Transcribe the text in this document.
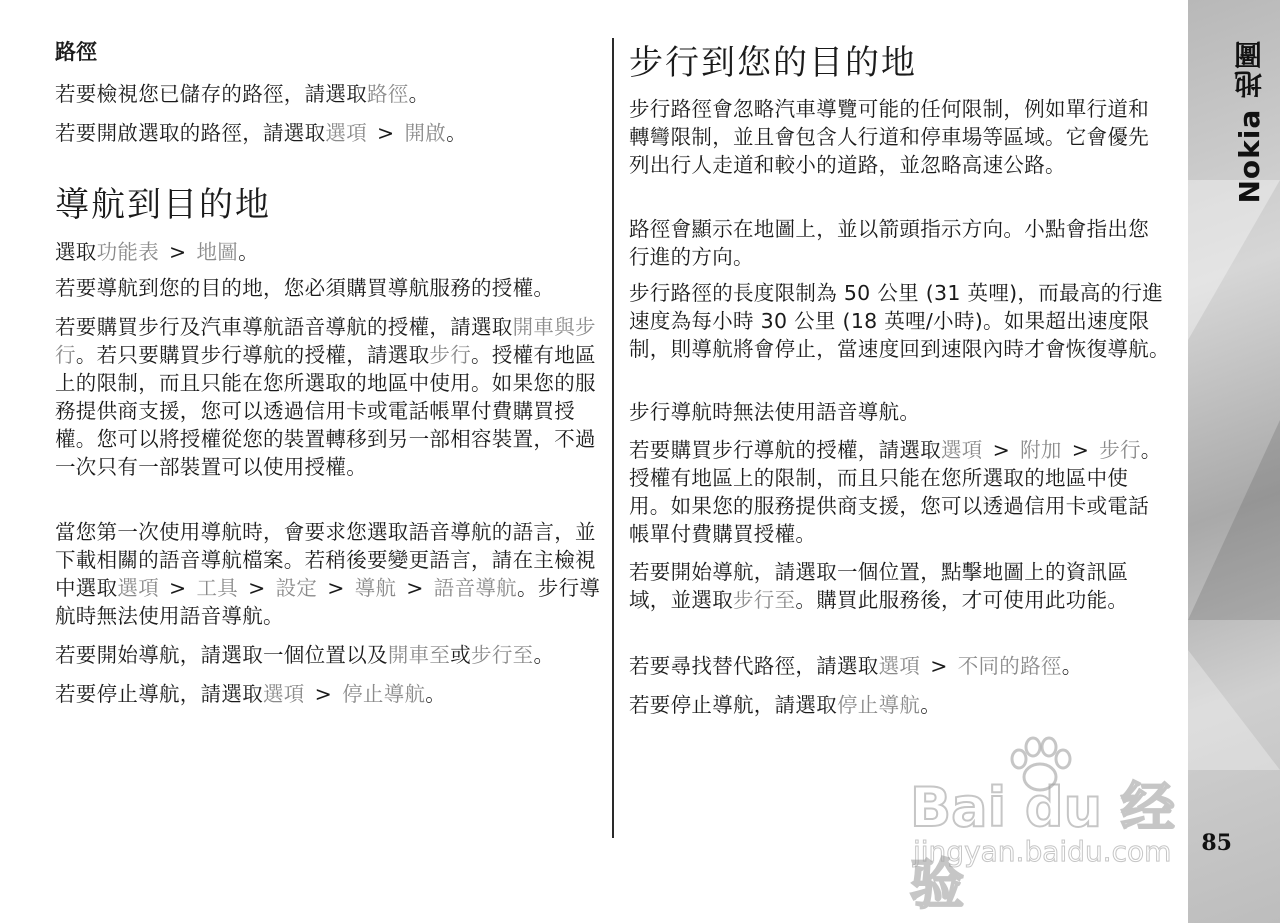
路徑

若要檢視您已儲存的路徑，請選取路徑。

若要開啟選取的路徑，請選取選項 > 開啟。

導航到目的地

選取功能表 > 地圖。

若要導航到您的目的地，您必須購買導航服務的授權。

若要購買步行及汽車導航語音導航的授權，請選取開車與步行。若只要購買步行導航的授權，請選取步行。授權有地區上的限制，而且只能在您所選取的地區中使用。如果您的服務提供商支援，您可以透過信用卡或電話帳單付費購買授權。您可以將授權從您的裝置轉移到另一部相容裝置，不過一次只有一部裝置可以使用授權。

當您第一次使用導航時，會要求您選取語音導航的語言，並下載相關的語音導航檔案。若稍後要變更語言，請在主檢視中選取選項 > 工具 > 設定 > 導航 > 語音導航。步行導航時無法使用語音導航。

若要開始導航，請選取一個位置以及開車至或步行至。

若要停止導航，請選取選項 > 停止導航。

步行到您的目的地

步行路徑會忽略汽車導覽可能的任何限制，例如單行道和轉彎限制，並且會包含人行道和停車場等區域。它會優先列出行人走道和較小的道路，並忽略高速公路。

路徑會顯示在地圖上，並以箭頭指示方向。小點會指出您行進的方向。

步行路徑的長度限制為 50 公里 (31 英哩)，而最高的行進速度為每小時 30 公里 (18 英哩/小時)。如果超出速度限制，則導航將會停止，當速度回到速限內時才會恢復導航。

步行導航時無法使用語音導航。

若要購買步行導航的授權，請選取選項 > 附加 > 步行。授權有地區上的限制，而且只能在您所選取的地區中使用。如果您的服務提供商支援，您可以透過信用卡或電話帳單付費購買授權。

若要開始導航，請選取一個位置，點擊地圖上的資訊區域，並選取步行至。購買此服務後，才可使用此功能。

若要尋找替代路徑，請選取選項 > 不同的路徑。

若要停止導航，請選取停止導航。

Nokia 地圖
85
Bai du 经验
jingyan.baidu.com
